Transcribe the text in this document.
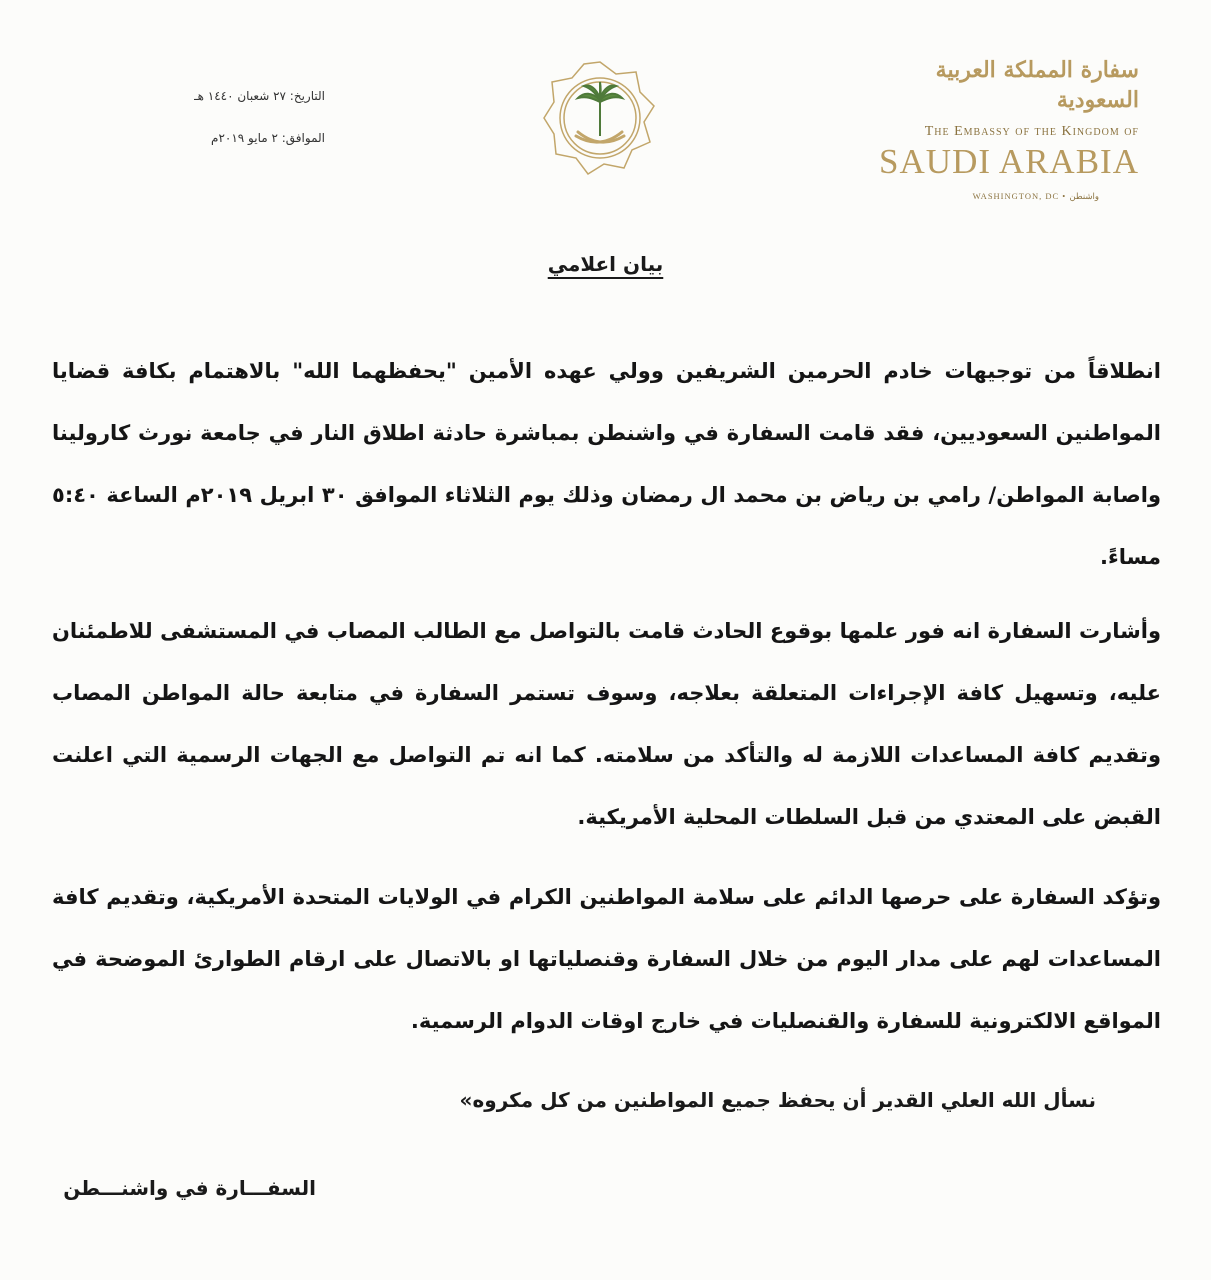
التاريخ: ٢٧ شعبان ١٤٤٠ هـ
الموافق: ٢ مايو ٢٠١٩م
سفارة المملكة العربية السعودية
The Embassy of the Kingdom of
SAUDI ARABIA
WASHINGTON, DC • واشنطن
بيان اعلامي
انطلاقاً من توجيهات خادم الحرمين الشريفين وولي عهده الأمين "يحفظهما الله" بالاهتمام بكافة قضايا المواطنين السعوديين، فقد قامت السفارة في واشنطن بمباشرة حادثة اطلاق النار في جامعة نورث كارولينا واصابة المواطن/ رامي بن رياض بن محمد ال رمضان وذلك يوم الثلاثاء الموافق ٣٠ ابريل ٢٠١٩م الساعة ٥:٤٠ مساءً.
وأشارت السفارة انه فور علمها بوقوع الحادث قامت بالتواصل مع الطالب المصاب في المستشفى للاطمئنان عليه، وتسهيل كافة الإجراءات المتعلقة بعلاجه، وسوف تستمر السفارة في متابعة حالة المواطن المصاب وتقديم كافة المساعدات اللازمة له والتأكد من سلامته. كما انه تم التواصل مع الجهات الرسمية التي اعلنت القبض على المعتدي من قبل السلطات المحلية الأمريكية.
وتؤكد السفارة على حرصها الدائم على سلامة المواطنين الكرام في الولايات المتحدة الأمريكية، وتقديم كافة المساعدات لهم على مدار اليوم من خلال السفارة وقنصلياتها او بالاتصال على ارقام الطوارئ الموضحة في المواقع الالكترونية للسفارة والقنصليات في خارج اوقات الدوام الرسمية.
نسأل الله العلي القدير أن يحفظ جميع المواطنين من كل مكروه»
السفـــارة في واشنـــطن
